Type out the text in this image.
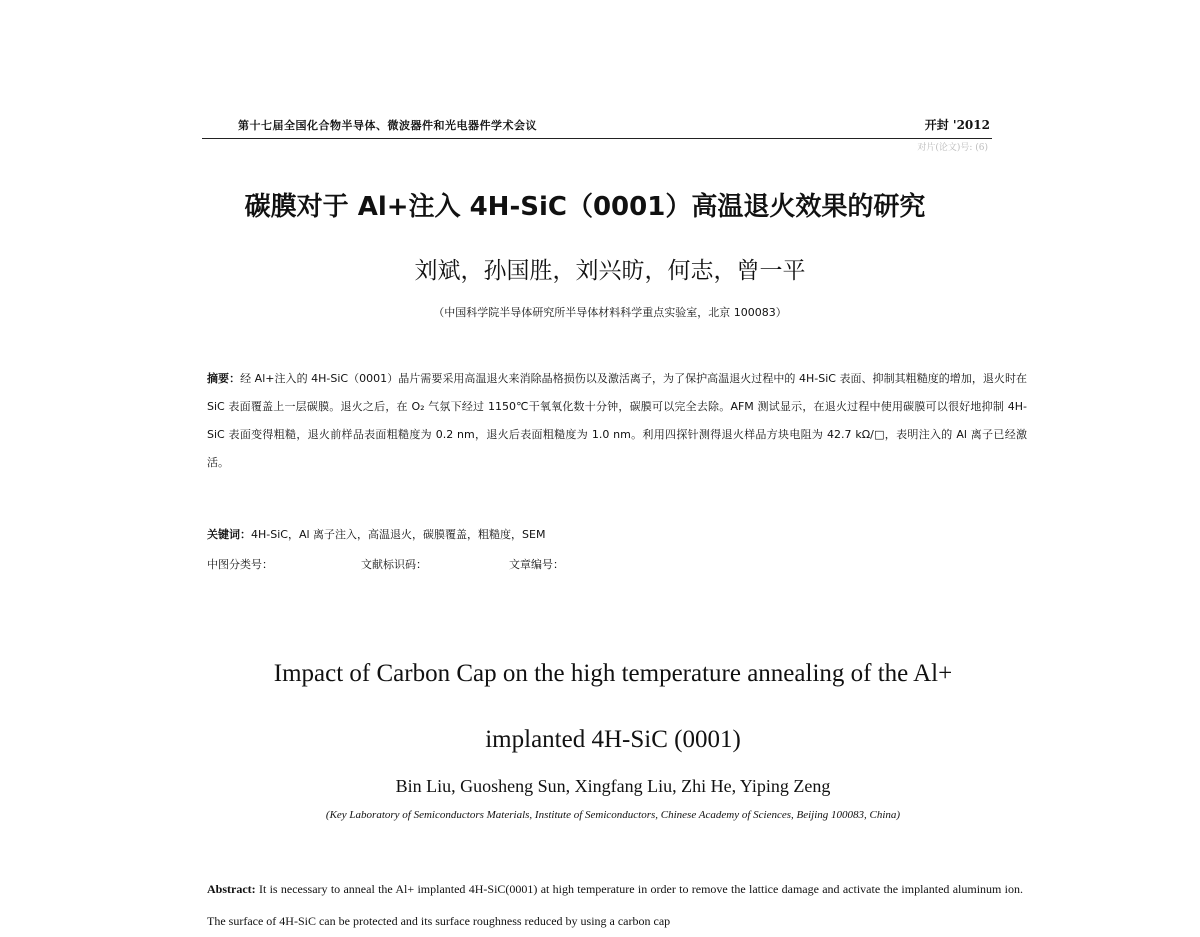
第十七届全国化合物半导体、微波器件和光电器件学术会议	开封 '2012
对片(论文)号: (6)
碳膜对于 Al+注入 4H-SiC（0001）高温退火效果的研究
刘斌，孙国胜，刘兴昉，何志，曾一平
（中国科学院半导体研究所半导体材料科学重点实验室，北京 100083）
摘要：经 Al+注入的 4H-SiC（0001）晶片需要采用高温退火来消除晶格损伤以及激活离子，为了保护高温退火过程中的 4H-SiC 表面、抑制其粗糙度的增加，退火时在 SiC 表面覆盖上一层碳膜。退火之后，在 O₂ 气氛下经过 1150℃干氧氧化数十分钟，碳膜可以完全去除。AFM 测试显示，在退火过程中使用碳膜可以很好地抑制 4H-SiC 表面变得粗糙，退火前样品表面粗糙度为 0.2 nm，退火后表面粗糙度为 1.0 nm。利用四探针测得退火样品方块电阻为 42.7 kΩ/□，表明注入的 Al 离子已经激活。
关键词：4H-SiC，Al 离子注入，高温退火，碳膜覆盖，粗糙度，SEM
中图分类号：	文献标识码：	文章编号：
Impact of Carbon Cap on the high temperature annealing of the Al+
implanted 4H-SiC (0001)
Bin Liu, Guosheng Sun, Xingfang Liu, Zhi He, Yiping Zeng
(Key Laboratory of Semiconductors Materials, Institute of Semiconductors, Chinese Academy of Sciences, Beijing 100083, China)
Abstract: It is necessary to anneal the Al+ implanted 4H-SiC(0001) at high temperature in order to remove the lattice damage and activate the implanted aluminum ion. The surface of 4H-SiC can be protected and its surface roughness reduced by using a carbon cap
